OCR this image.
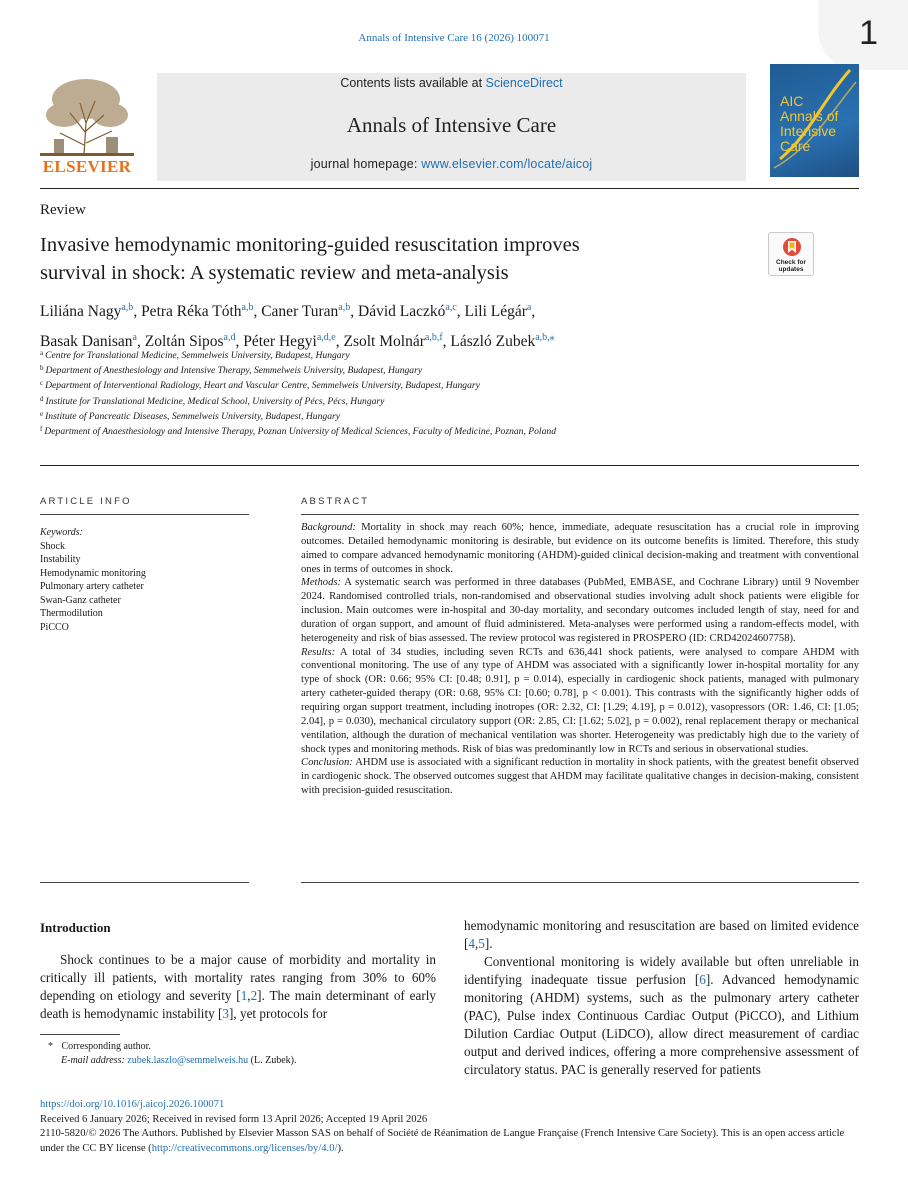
1
Annals of Intensive Care 16 (2026) 100071
ELSEVIER
Contents lists available at ScienceDirect
Annals of Intensive Care
journal homepage: www.elsevier.com/locate/aicoj
AIC
Annals of
Intensive
Care
Review
Invasive hemodynamic monitoring-guided resuscitation improves
survival in shock: A systematic review and meta-analysis	Check for
updates
Liliána Nagy$^{a,b}$, Petra Réka Tóth$^{a,b}$, Caner Turan$^{a,b}$, Dávid Laczkó$^{a,c}$, Lili Légár$^a$,
Basak Danisan$^a$, Zoltán Sipos$^{a,d}$, Péter Hegyi$^{a,d,e}$, Zsolt Molnár$^{a,b,f}$, László Zubek$^{a,b,⁎}$
$^a$ Centre for Translational Medicine, Semmelweis University, Budapest, Hungary
$^b$ Department of Anesthesiology and Intensive Therapy, Semmelweis University, Budapest, Hungary
$^c$ Department of Interventional Radiology, Heart and Vascular Centre, Semmelweis University, Budapest, Hungary
$^d$ Institute for Translational Medicine, Medical School, University of Pécs, Pécs, Hungary
$^e$ Institute of Pancreatic Diseases, Semmelweis University, Budapest, Hungary
$^f$ Department of Anaesthesiology and Intensive Therapy, Poznan University of Medical Sciences, Faculty of Medicine, Poznan, Poland
ARTICLE INFO	ABSTRACT
Keywords:
Shock
Instability
Hemodynamic monitoring
Pulmonary artery catheter
Swan-Ganz catheter
Thermodilution
PiCCO
Background: Mortality in shock may reach 60%; hence, immediate, adequate resuscitation has a crucial role in improving outcomes. Detailed hemodynamic monitoring is desirable, but evidence on its outcome benefits is limited. Therefore, this study aimed to compare advanced hemodynamic monitoring (AHDM)-guided clinical decision-making and treatment with conventional ones in terms of outcomes in shock.
Methods: A systematic search was performed in three databases (PubMed, EMBASE, and Cochrane Library) until 9 November 2024. Randomised controlled trials, non-randomised and observational studies involving adult shock patients were eligible for inclusion. Main outcomes were in-hospital and 30-day mortality, and secondary outcomes included length of stay, need for and duration of organ support, and amount of fluid administered. Meta-analyses were performed using a random-effects model, with heterogeneity and risk of bias assessed. The review protocol was registered in PROSPERO (ID: CRD42024607758).
Results: A total of 34 studies, including seven RCTs and 636,441 shock patients, were analysed to compare AHDM with conventional monitoring. The use of any type of AHDM was associated with a significantly lower in-hospital mortality for any type of shock (OR: 0.66; 95% CI: [0.48; 0.91], p = 0.014), especially in cardiogenic shock patients, managed with pulmonary artery catheter-guided therapy (OR: 0.68, 95% CI: [0.60; 0.78], p < 0.001). This contrasts with the significantly higher odds of requiring organ support treatment, including inotropes (OR: 2.32, CI: [1.29; 4.19], p = 0.012), vasopressors (OR: 1.46, CI: [1.05; 2.04], p = 0.030), mechanical circulatory support (OR: 2.85, CI: [1.62; 5.02], p = 0.002), renal replacement therapy or mechanical ventilation, although the duration of mechanical ventilation was shorter. Heterogeneity was predictably high due to the variety of shock types and monitoring methods. Risk of bias was predominantly low in RCTs and serious in observational studies.
Conclusion: AHDM use is associated with a significant reduction in mortality in shock patients, with the greatest benefit observed in cardiogenic shock. The observed outcomes suggest that AHDM may facilitate qualitative changes in decision-making, consistent with precision-guided resuscitation.
Introduction

Shock continues to be a major cause of morbidity and mortality in critically ill patients, with mortality rates ranging from 30% to 60% depending on etiology and severity [1,2]. The main determinant of early death is hemodynamic instability [3], yet protocols for

hemodynamic monitoring and resuscitation are based on limited evidence [4,5].

Conventional monitoring is widely available but often unreliable in identifying inadequate tissue perfusion [6]. Advanced hemodynamic monitoring (AHDM) systems, such as the pulmonary artery catheter (PAC), Pulse index Continuous Cardiac Output (PiCCO), and Lithium Dilution Cardiac Output (LiDCO), allow direct measurement of cardiac output and derived indices, offering a more comprehensive assessment of circulatory status. PAC is generally reserved for patients

* Corresponding author.
E-mail address: zubek.laszlo@semmelweis.hu (L. Zubek).
https://doi.org/10.1016/j.aicoj.2026.100071
Received 6 January 2026; Received in revised form 13 April 2026; Accepted 19 April 2026
2110-5820/© 2026 The Authors. Published by Elsevier Masson SAS on behalf of Société de Réanimation de Langue Française (French Intensive Care Society). This is an open access article under the CC BY license (http://creativecommons.org/licenses/by/4.0/).
